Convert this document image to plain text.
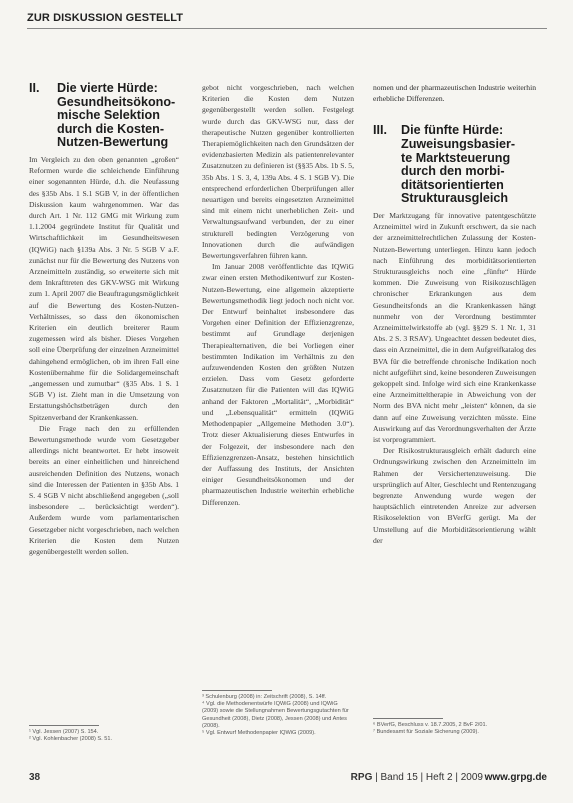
ZUR DISKUSSION GESTELLT
II.	Die vierte Hürde:
Gesundheitsökono-
mische Selektion
durch die Kosten-
Nutzen-Bewertung

Im Vergleich zu den oben genannten „großen“ Reformen wurde die schleichende Einführung einer sogenannten Hürde, d.h. die Neufassung des §35b Abs. 1 S.1 SGB V, in der öffentlichen Diskussion kaum wahrgenommen. War das durch Art. 1 Nr. 112 GMG mit Wirkung zum 1.1.2004 gegründete Institut für Qualität und Wirtschaftlichkeit im Gesundheitswesen (IQWiG) nach §139a Abs. 3 Nr. 5 SGB V a.F. zunächst nur für die Bewertung des Nutzens von Arzneimitteln zuständig, so erweiterte sich mit dem Inkrafttreten des GKV-WSG mit Wirkung zum 1. April 2007 die Beauftragungsmöglichkeit auf die Bewertung des Kosten-Nutzen-Verhältnisses, so dass den ökonomischen Kriterien ein deutlich breiterer Raum zugemessen wird als bisher. Dieses Vorgehen soll eine Überprüfung der einzelnen Arzneimittel dahingehend ermöglichen, ob im ihren Fall eine Kostenübernahme für die Solidargemeinschaft „angemessen und zumutbar“ (§35 Abs. 1 S. 1 SGB V) ist. Zieht man in die Umsetzung von Erstattungshöchstbeträgen durch den Spitzenverband der Krankenkassen.

Die Frage nach den zu erfüllenden Bewertungsmethode wurde vom Gesetzgeber allerdings nicht beantwortet. Er hebt insoweit bereits an einer einheitlichen und hinreichend ausreichenden Definition des Nutzens, wonach sind die Interessen der Patienten in §35b Abs. 1 S. 4 SGB V nicht abschließend angegeben („soll insbesondere ... berücksichtigt werden“). Außerdem wurde vom parlamentarischen Gesetzgeber nicht vorgeschrieben, nach welchen Kriterien die Kosten dem Nutzen gegenübergestellt werden sollen.

gebot nicht vorgeschrieben, nach welchen Kriterien die Kosten dem Nutzen gegenübergestellt werden sollen. Festgelegt wurde durch das GKV-WSG nur, dass der therapeutische Nutzen gegenüber kontrollierten Therapiemöglichkeiten nach den Grundsätzen der evidenzbasierten Medizin als patientenrelevanter Zusatznutzen zu definieren ist (§§35 Abs. 1b S. 5, 35b Abs. 1 S. 3, 4, 139a Abs. 4 S. 1 SGB V). Die entsprechend erforderlichen Überprüfungen aller neuartigen und bereits eingesetzten Arzneimittel sind mit einem nicht unerheblichen Zeit- und Verwaltungsaufwand verbunden, der zu einer strukturell bedingten Verzögerung von Innovationen durch die aufwändigen Bewertungsverfahren führen kann.

Im Januar 2008 veröffentlichte das IQWiG zwar einen ersten Methodikentwurf zur Kosten-Nutzen-Bewertung, eine allgemein akzeptierte Bewertungsmethodik liegt jedoch noch nicht vor. Der Entwurf beinhaltet insbesondere das Vorgehen einer Definition der Effizienzgrenze, bestimmt auf Grundlage derjenigen Therapiealternativen, die bei Vorliegen einer bestimmten Indikation im Verhältnis zu den aufzuwendenden Kosten den größten Nutzen erzielen. Dass vom Gesetz geforderte Zusatznutzen für die Patienten will das IQWiG anhand der Faktoren „Mortalität“, „Morbidität“ und „Lebensqualität“ ermitteln (IQWiG Methodenpapier „Allgemeine Methoden 3.0“). Trotz dieser Aktualisierung dieses Entwurfes in der Folgezeit, der insbesondere nach den Effizienzgrenzen-Ansatz, bestehen hinsichtlich der Auffassung des Instituts, der Ansichten einiger Gesundheitsökonomen und der pharmazeutischen Industrie weiterhin erhebliche Differenzen.

nomen und der pharmazeutischen Industrie weiterhin erhebliche Differenzen.

III.	Die fünfte Hürde:
Zuweisungsbasier-
te Marktsteuerung
durch den morbi-
ditätsorientierten
Strukturausgleich

Der Marktzugang für innovative patentgeschützte Arzneimittel wird in Zukunft erschwert, da sie nach der arzneimittelrechtlichen Zulassung der Kosten-Nutzen-Bewertung unterliegen. Hinzu kann jedoch nach Einführung des morbiditätsorientierten Strukturausgleichs noch eine „fünfte“ Hürde kommen. Die Zuweisung von Risikozuschlägen chronischer Erkrankungen aus dem Gesundheitsfonds an die Krankenkassen hängt nunmehr von der Verordnung bestimmter Arzneimittelwirkstoffe ab (vgl. §§29 S. 1 Nr. 1, 31 Abs. 2 S. 3 RSAV). Ungeachtet dessen bedeutet dies, dass ein Arzneimittel, die in dem Aufgreifkatalog des BVA für die betreffende chronische Indikation noch nicht aufgeführt sind, keine besonderen Zuweisungen gekoppelt sind. Infolge wird sich eine Krankenkasse eine Arzneimitteltherapie in Abweichung von der Norm des BVA nicht mehr „leisten“ können, da sie dann auf eine Zuweisung verzichten müsste. Eine Auswirkung auf das Verordnungsverhalten der Ärzte ist vorprogrammiert.

Der Risikostrukturausgleich erhält dadurch eine Ordnungswirkung zwischen den Arzneimitteln im Rahmen der Versichertenzuweisung. Die ursprünglich auf Alter, Geschlecht und Rentenzugang begrenzte Anwendung wurde wegen der hauptsächlich eintretenden Anreize zur adversen Risikoselektion von BVerfG gerügt. Ma der Umstellung auf die Morbiditätsorientierung wählt der

¹ Vgl. Jessen (2007) S. 154.

² Vgl. Kohlenbacher (2008) S. 51.

³ Schulenburg (2008) in: Zeitschrift (2008), S. 14ff.

⁴ Vgl. die Methodenentwürfe IQWiG (2008) und IQWiG (2009) sowie die Stellungnahmen Bewertungsgutachten für Gesundheit (2008), Dietz (2008), Jessen (2008) und Antes (2008).

⁵ Vgl. Entwurf Methodenpapier IQWiG (2009).

⁶ BVerfG, Beschluss v. 18.7.2005, 2 BvF 2/01.

⁷ Bundesamt für Soziale Sicherung (2009).

38	RPG | Band 15 | Heft 2 | 2009 www.grpg.de
